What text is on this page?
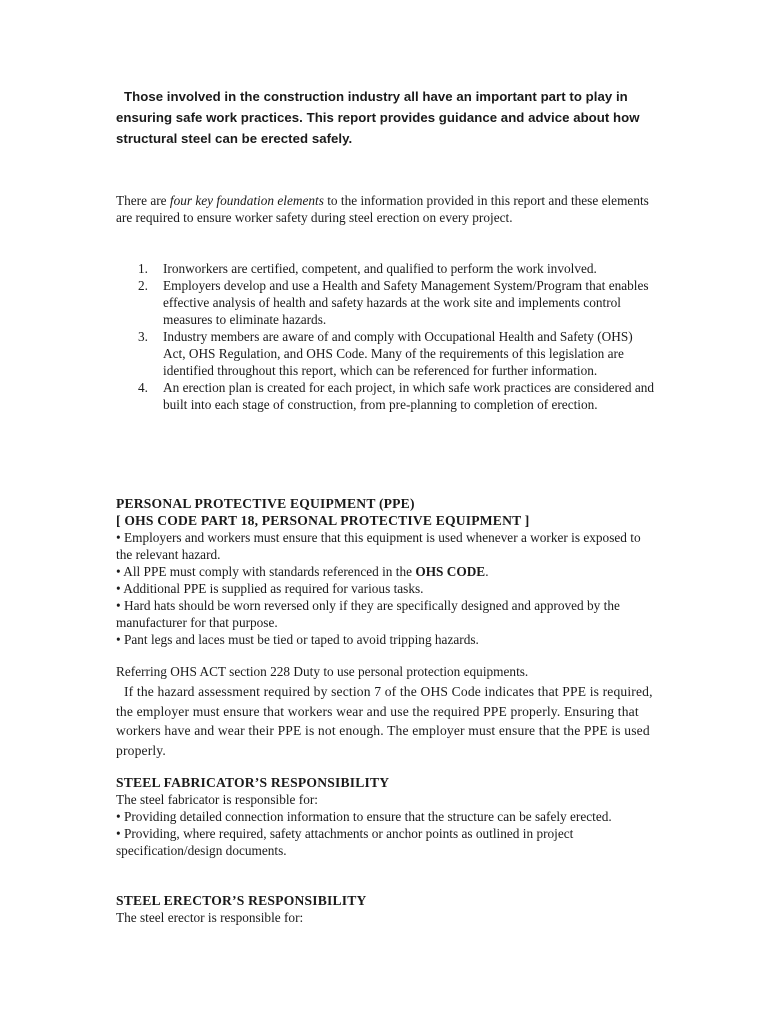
Those involved in the construction industry all have an important part to play in ensuring safe work practices. This report provides guidance and advice about how structural steel can be erected safely.
There are four key foundation elements to the information provided in this report and these elements are required to ensure worker safety during steel erection on every project.
1. Ironworkers are certified, competent, and qualified to perform the work involved.
2. Employers develop and use a Health and Safety Management System/Program that enables effective analysis of health and safety hazards at the work site and implements control measures to eliminate hazards.
3. Industry members are aware of and comply with Occupational Health and Safety (OHS) Act, OHS Regulation, and OHS Code. Many of the requirements of this legislation are identified throughout this report, which can be referenced for further information.
4. An erection plan is created for each project, in which safe work practices are considered and built into each stage of construction, from pre-planning to completion of erection.
PERSONAL PROTECTIVE EQUIPMENT (PPE)
[ OHS CODE PART 18, PERSONAL PROTECTIVE EQUIPMENT ]
• Employers and workers must ensure that this equipment is used whenever a worker is exposed to the relevant hazard.
• All PPE must comply with standards referenced in the OHS CODE.
• Additional PPE is supplied as required for various tasks.
• Hard hats should be worn reversed only if they are specifically designed and approved by the manufacturer for that purpose.
• Pant legs and laces must be tied or taped to avoid tripping hazards.
Referring OHS ACT section 228 Duty to use personal protection equipments.
If the hazard assessment required by section 7 of the OHS Code indicates that PPE is required, the employer must ensure that workers wear and use the required PPE properly. Ensuring that workers have and wear their PPE is not enough. The employer must ensure that the PPE is used properly.
STEEL FABRICATOR’S RESPONSIBILITY
The steel fabricator is responsible for:
• Providing detailed connection information to ensure that the structure can be safely erected.
• Providing, where required, safety attachments or anchor points as outlined in project specification/design documents.
STEEL ERECTOR’S RESPONSIBILITY
The steel erector is responsible for:
